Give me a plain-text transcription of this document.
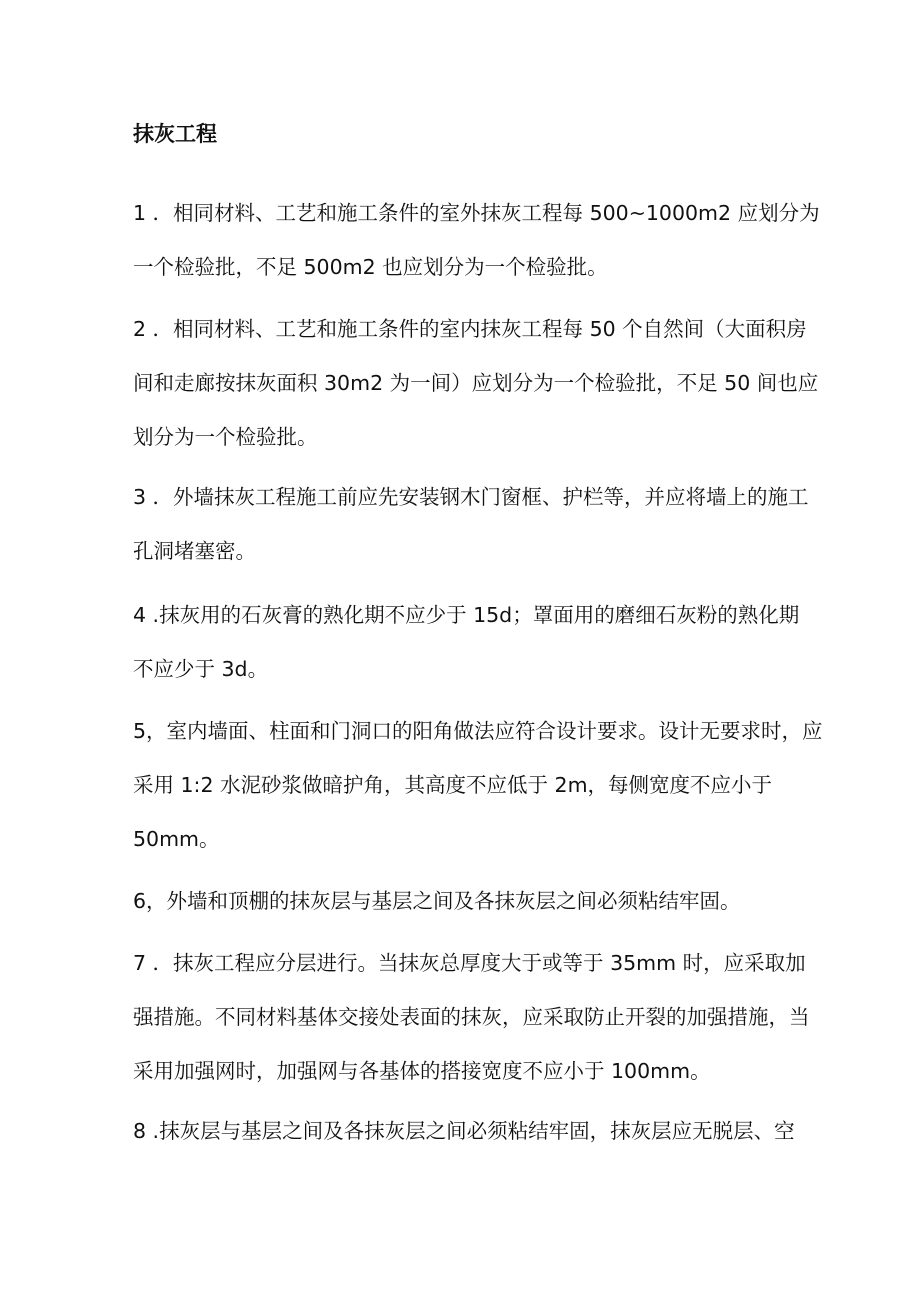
抹灰工程

1 ．相同材料、工艺和施工条件的室外抹灰工程每 500~1000m2 应划分为
一个检验批，不足 500m2 也应划分为一个检验批。

2 ．相同材料、工艺和施工条件的室内抹灰工程每 50 个自然间（大面积房
间和走廊按抹灰面积 30m2 为一间）应划分为一个检验批，不足 50 间也应
划分为一个检验批。

3 ．外墙抹灰工程施工前应先安装钢木门窗框、护栏等，并应将墙上的施工
孔洞堵塞密。

4 .抹灰用的石灰膏的熟化期不应少于 15d；罩面用的磨细石灰粉的熟化期
不应少于 3d。

5，室内墙面、柱面和门洞口的阳角做法应符合设计要求。设计无要求时，应
采用 1:2 水泥砂浆做暗护角，其高度不应低于 2m，每侧宽度不应小于
50mm。

6，外墙和顶棚的抹灰层与基层之间及各抹灰层之间必须粘结牢固。

7 ．抹灰工程应分层进行。当抹灰总厚度大于或等于 35mm 时，应采取加
强措施。不同材料基体交接处表面的抹灰，应采取防止开裂的加强措施，当
采用加强网时，加强网与各基体的搭接宽度不应小于 100mm。

8 .抹灰层与基层之间及各抹灰层之间必须粘结牢固，抹灰层应无脱层、空
